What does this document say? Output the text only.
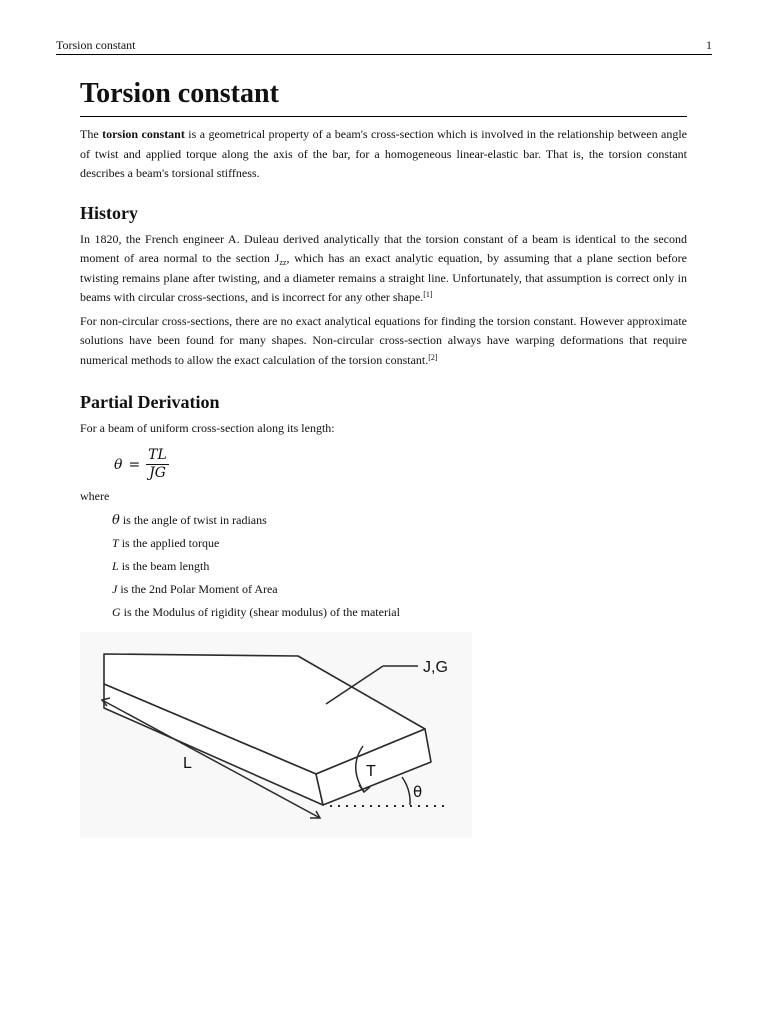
Torsion constant	1
Torsion constant

The torsion constant is a geometrical property of a beam's cross-section which is involved in the relationship between angle of twist and applied torque along the axis of the bar, for a homogeneous linear-elastic bar. That is, the torsion constant describes a beam's torsional stiffness.

History

In 1820, the French engineer A. Duleau derived analytically that the torsion constant of a beam is identical to the second moment of area normal to the section $J_{zz}$, which has an exact analytic equation, by assuming that a plane section before twisting remains plane after twisting, and a diameter remains a straight line. Unfortunately, that assumption is correct only in beams with circular cross-sections, and is incorrect for any other shape.[1]

For non-circular cross-sections, there are no exact analytical equations for finding the torsion constant. However approximate solutions have been found for many shapes. Non-circular cross-section always have warping deformations that require numerical methods to allow the exact calculation of the torsion constant.[2]

Partial Derivation

For a beam of uniform cross-section along its length:

$\theta = \frac{TL}{JG}$

where

θ is the angle of twist in radians
T is the applied torque
L is the beam length
J is the 2nd Polar Moment of Area
G is the Modulus of rigidity (shear modulus) of the material
J,G
L	T
θ
